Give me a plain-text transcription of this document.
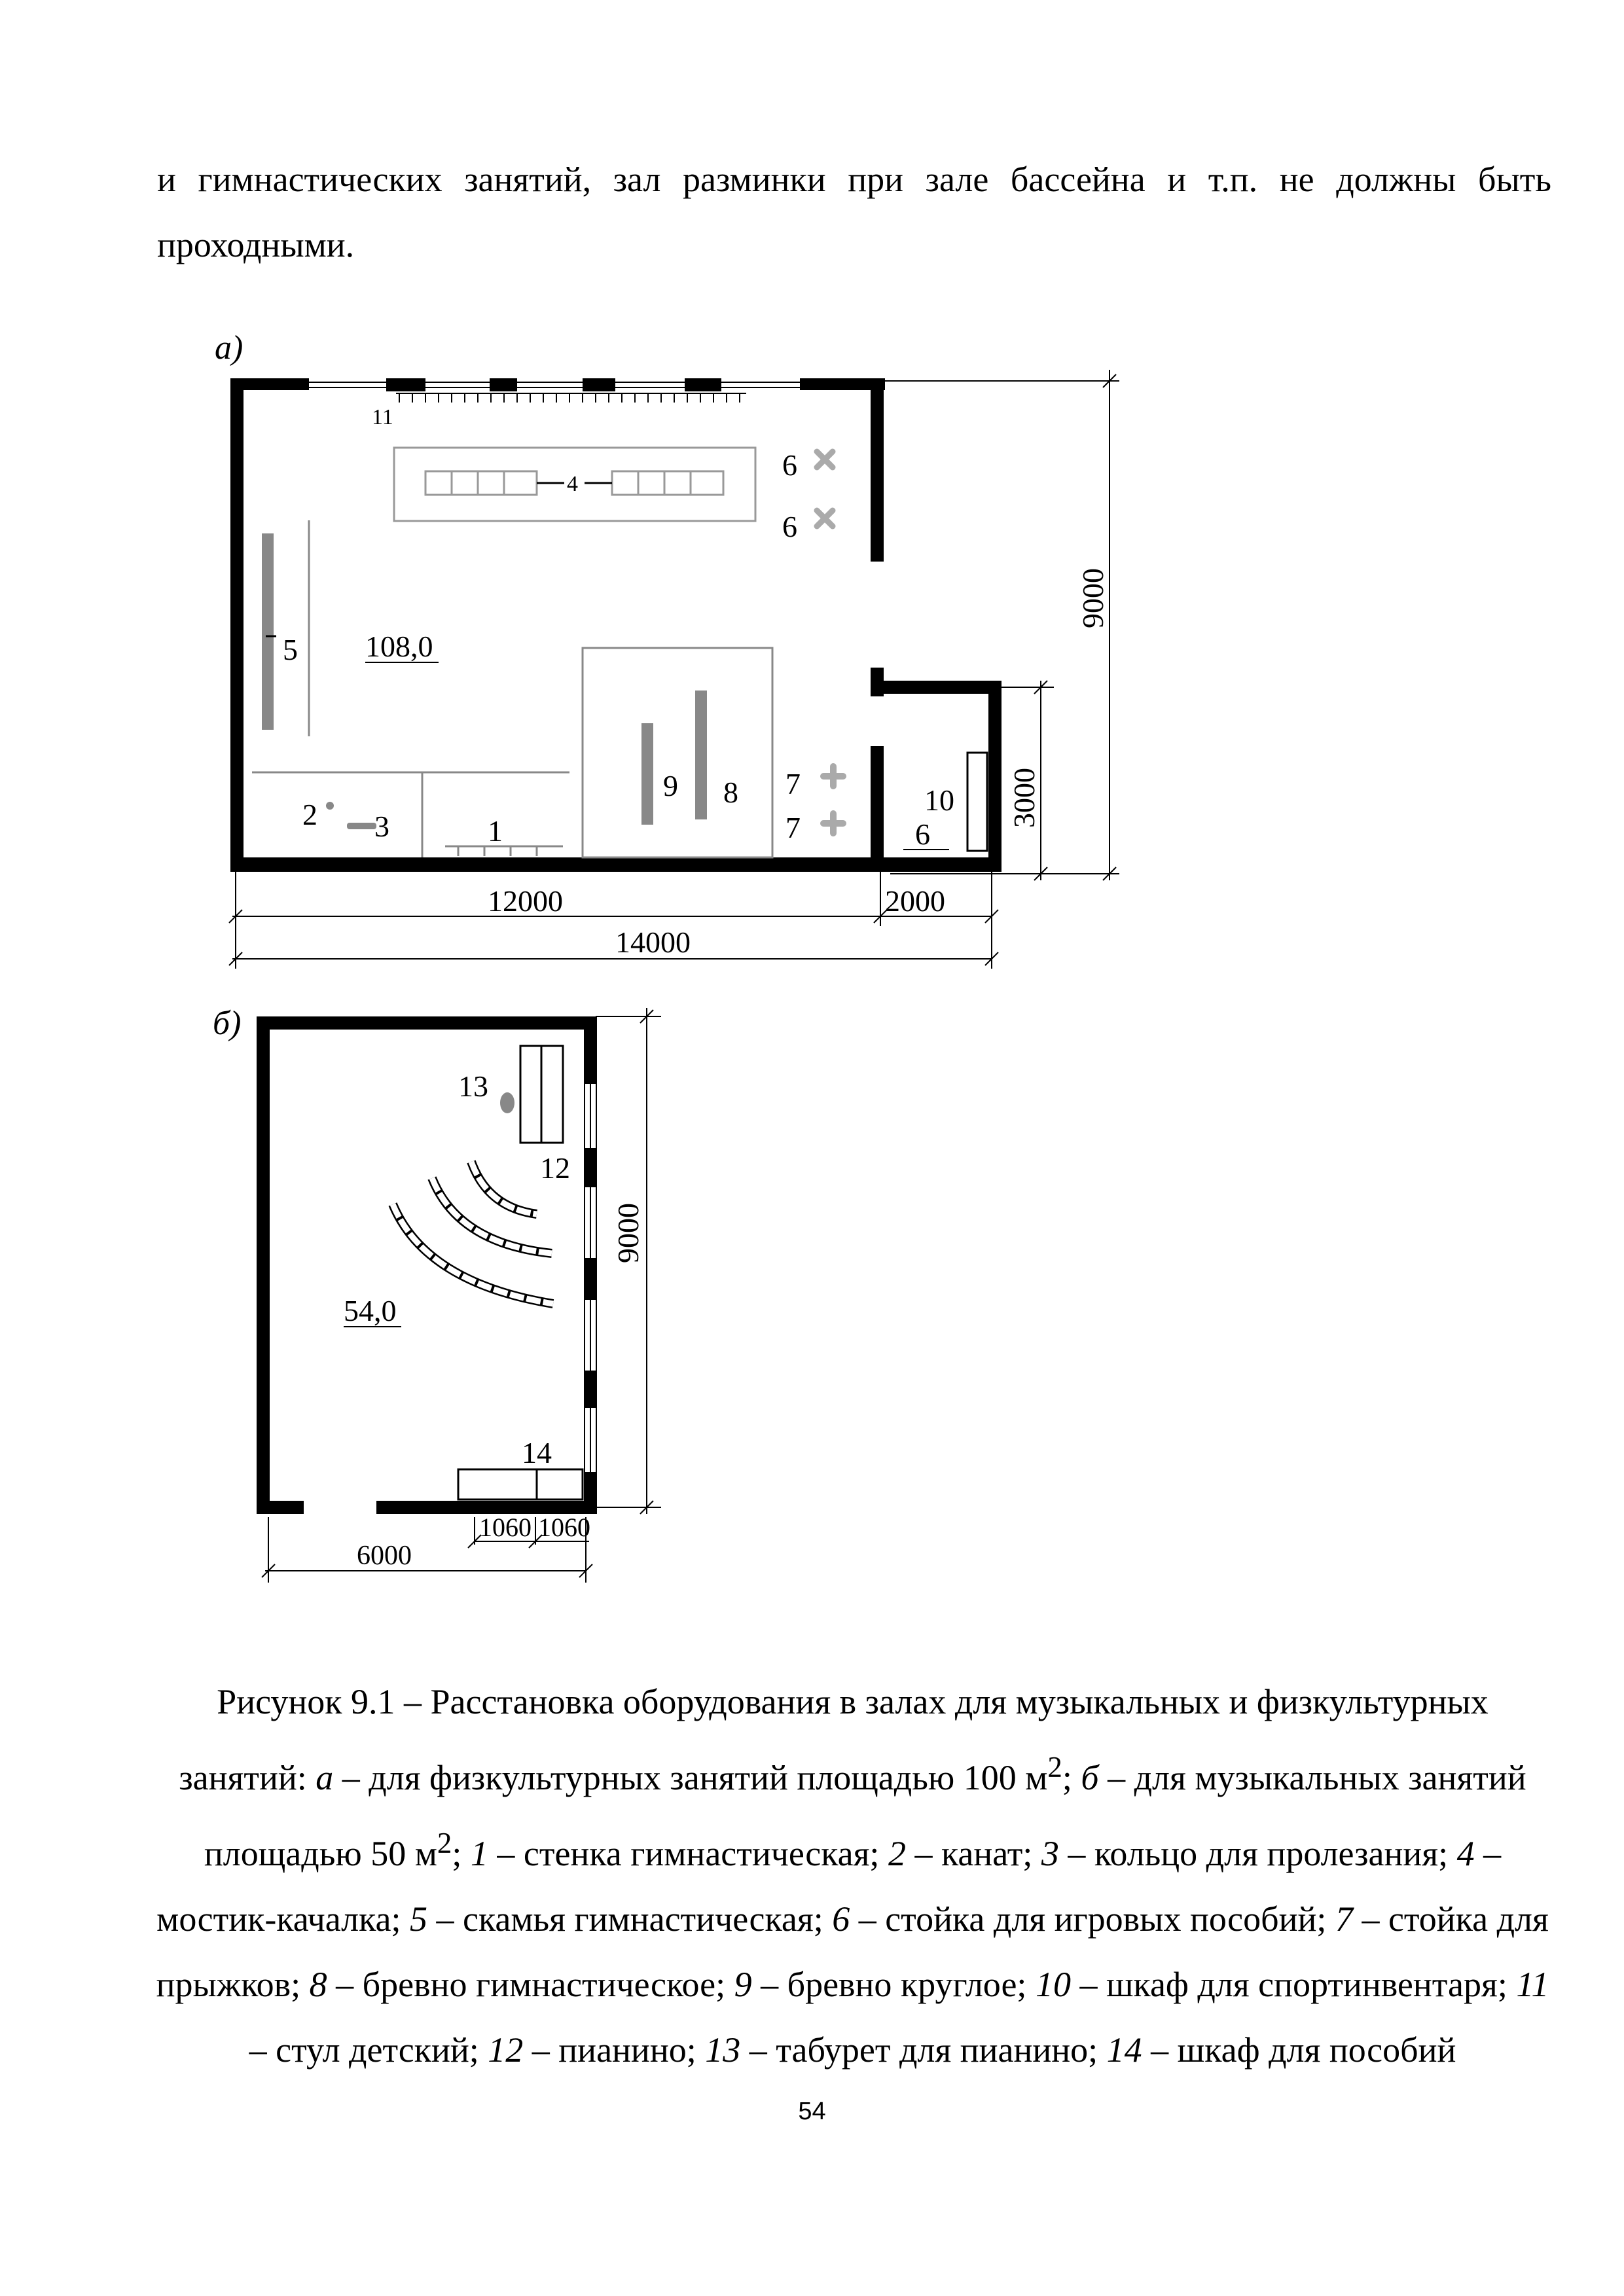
и гимнастических занятий, зал разминки при зале бассейна и т.п. не должны быть проходными.

а)
11
4
6
6
5 108,0
8
9	7
7
2 3	1
10
6
12000	2000
14000
9000
3000
б)
12
13
54,0
14
6000
1060 1060
9000

Рисунок 9.1 – Расстановка оборудования в залах для музыкальных и физкультурных занятий: а – для физкультурных занятий площадью 100 $м^2$; б – для музыкальных занятий площадью 50 $м^2$; 1 – стенка гимнастическая; 2 – канат; 3 – кольцо для пролезания; 4 – мостик-качалка; 5 – скамья гимнастическая; 6 – стойка для игровых пособий; 7 – стойка для прыжков; 8 – бревно гимнастическое; 9 – бревно круглое; 10 – шкаф для спортинвентаря; 11 – стул детский; 12 – пианино; 13 – табурет для пианино; 14 – шкаф для пособий

54
